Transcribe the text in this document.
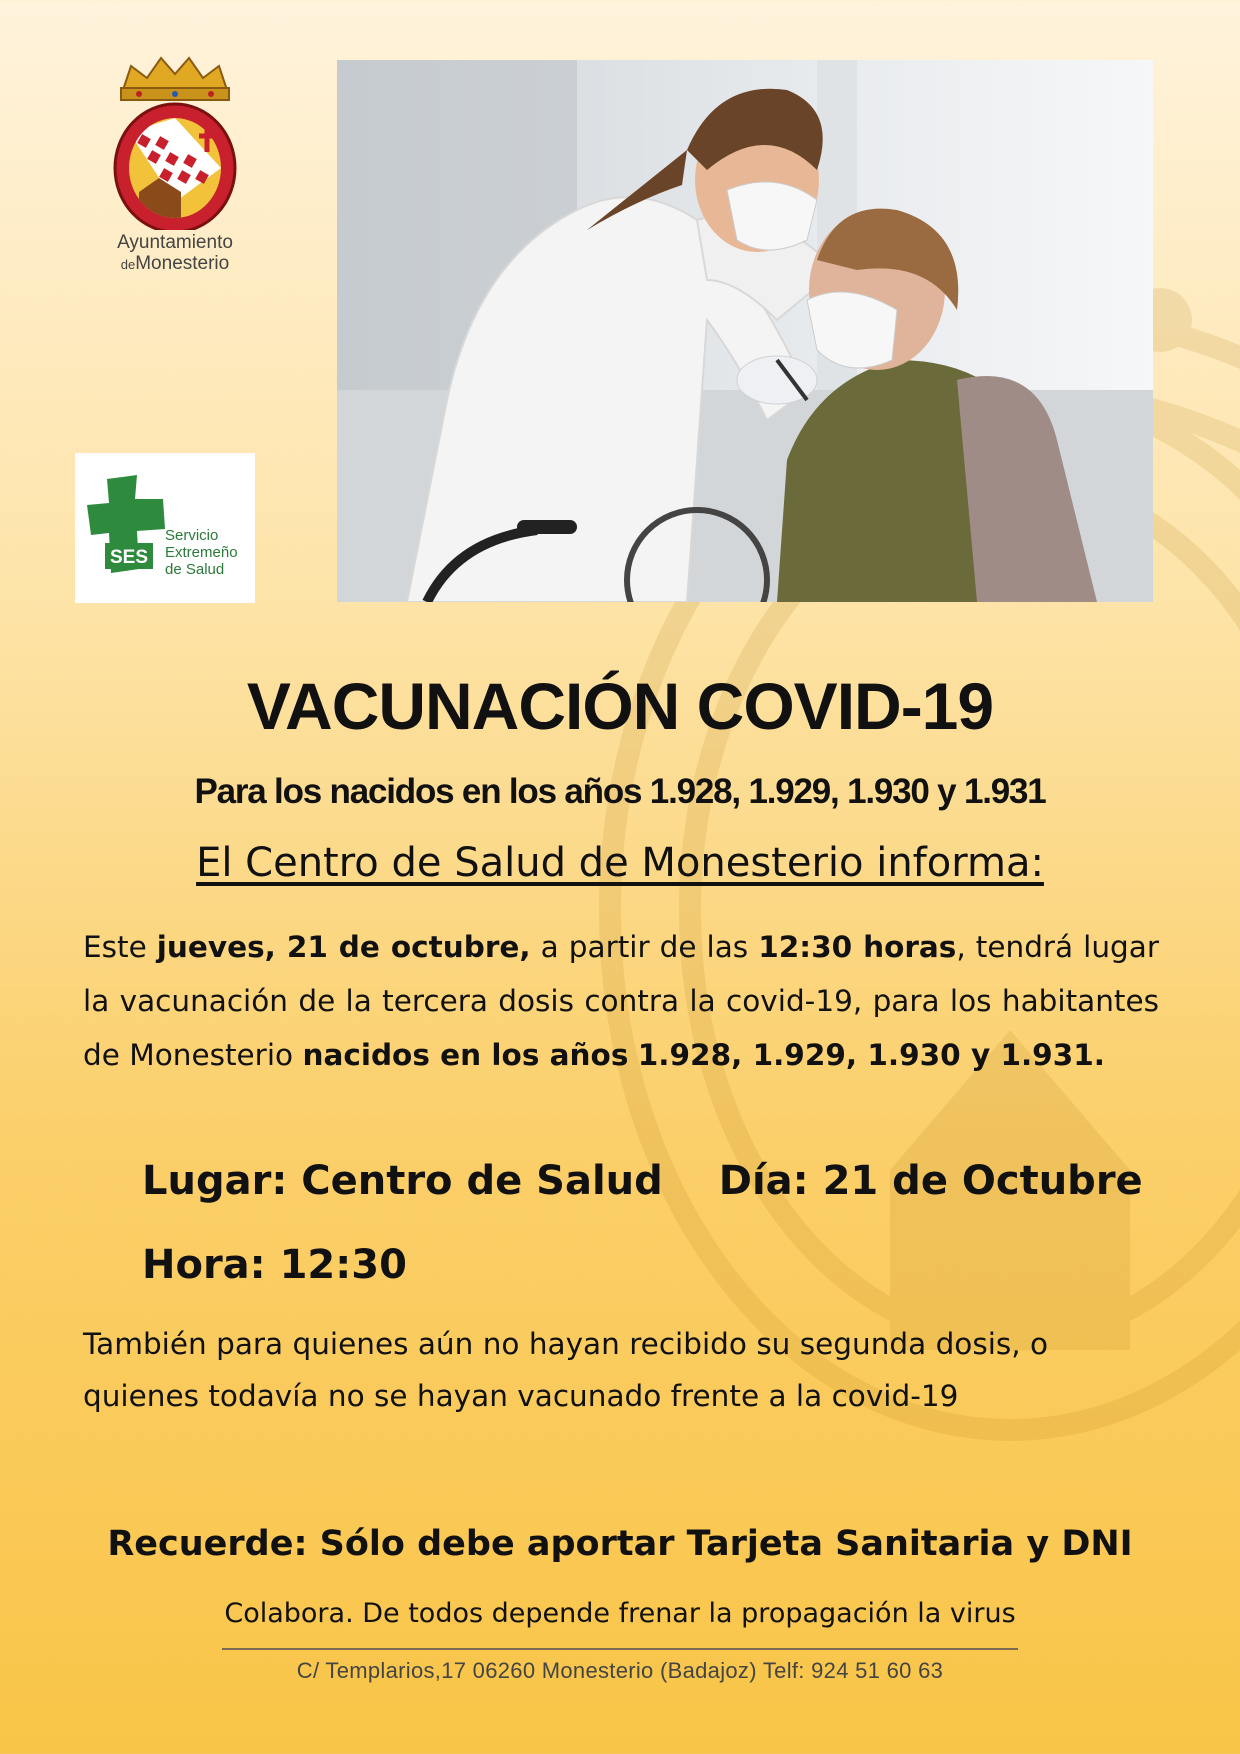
Ayuntamiento
deMonesterio
SES
Servicio
Extremeño
de Salud
VACUNACIÓN COVID-19
Para los nacidos en los años 1.928, 1.929, 1.930 y 1.931

El Centro de Salud de Monesterio informa:

Este jueves, 21 de octubre, a partir de las 12:30 horas, tendrá lugar la vacunación de la tercera dosis contra la covid-19, para los habitantes de Monesterio nacidos en los años 1.928, 1.929, 1.930 y 1.931.

Lugar: Centro de Salud Día: 21 de Octubre

Hora: 12:30

También para quienes aún no hayan recibido su segunda dosis, o quienes todavía no se hayan vacunado frente a la covid-19

Recuerde: Sólo debe aportar Tarjeta Sanitaria y DNI

Colabora. De todos depende frenar la propagación la virus

C/ Templarios,17 06260 Monesterio (Badajoz) Telf: 924 51 60 63
